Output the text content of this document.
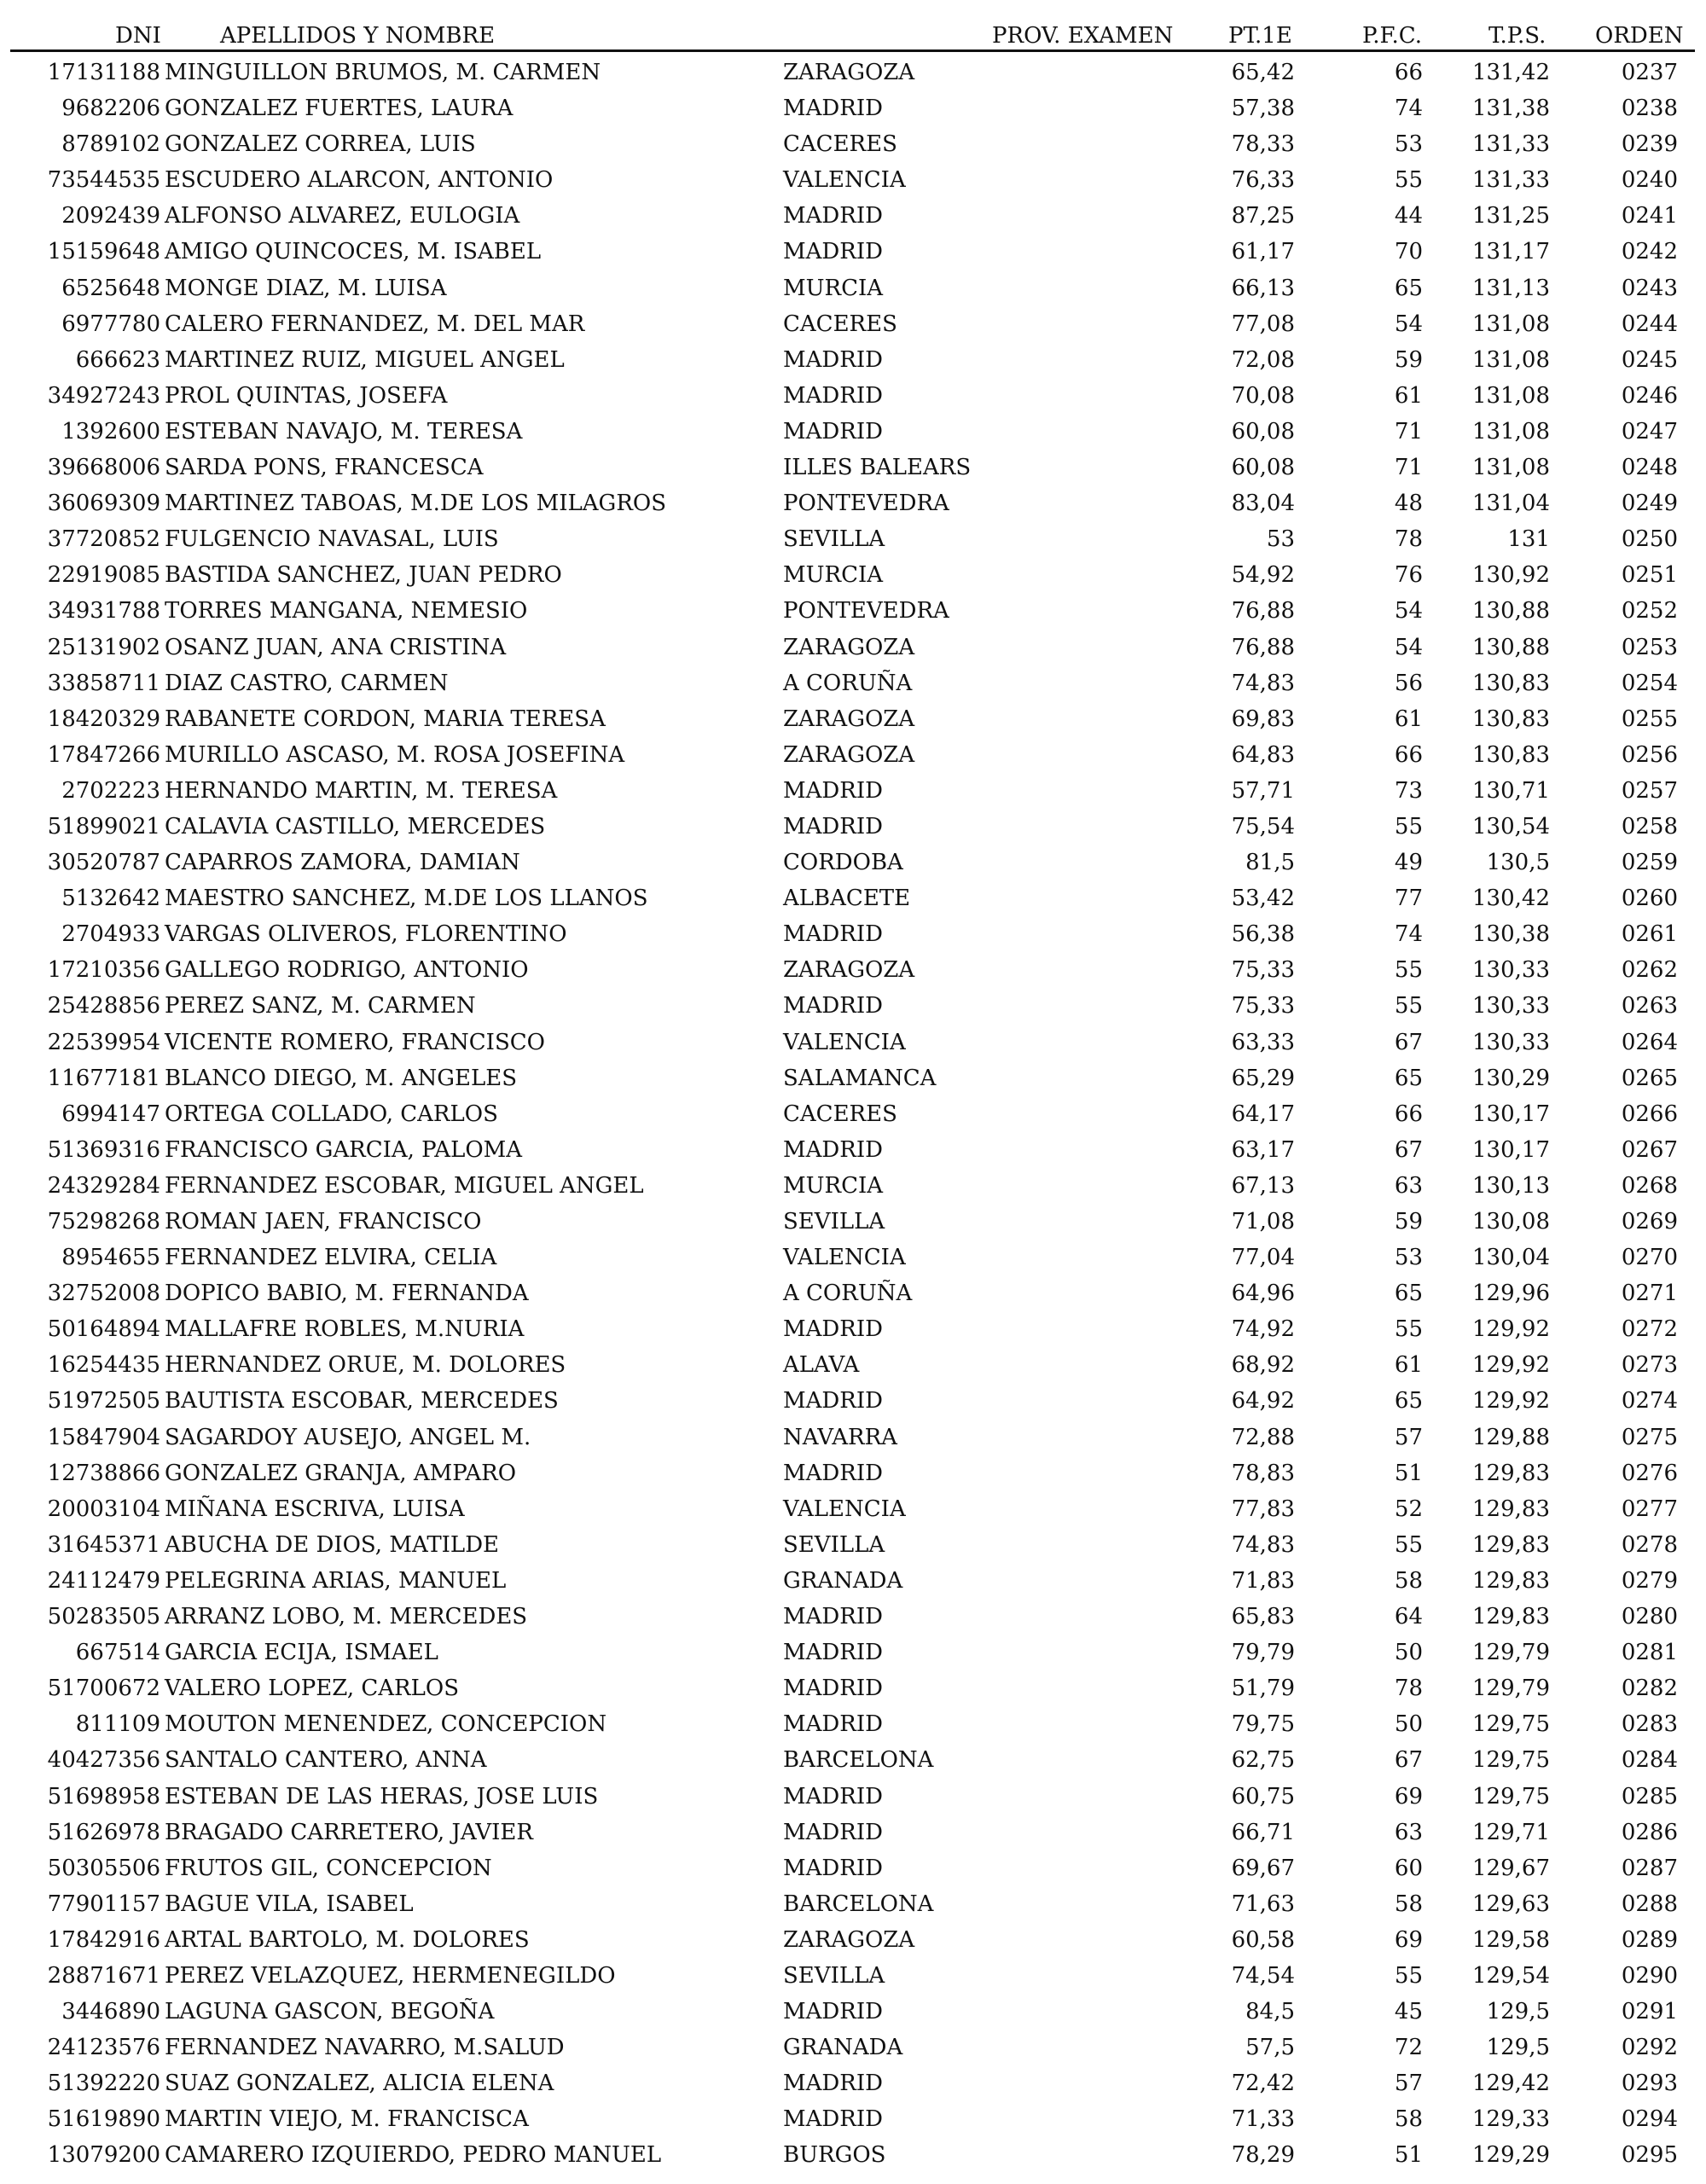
DNI	APELLIDOS Y NOMBRE	PROV. EXAMEN PT.1E	P.F.C.	T.P.S. ORDEN
17131188 MINGUILLON BRUMOS, M. CARMEN	ZARAGOZA	65,42	66 131,42	0237
9682206 GONZALEZ FUERTES, LAURA	MADRID	57,38	74 131,38	0238
8789102 GONZALEZ CORREA, LUIS	CACERES	78,33	53 131,33	0239
73544535 ESCUDERO ALARCON, ANTONIO	VALENCIA	76,33	55 131,33	0240
2092439 ALFONSO ALVAREZ, EULOGIA	MADRID	87,25	44 131,25	0241
15159648 AMIGO QUINCOCES, M. ISABEL	MADRID	61,17	70 131,17	0242
6525648 MONGE DIAZ, M. LUISA	MURCIA	66,13	65 131,13	0243
6977780 CALERO FERNANDEZ, M. DEL MAR	CACERES	77,08	54 131,08	0244
666623 MARTINEZ RUIZ, MIGUEL ANGEL	MADRID	72,08	59 131,08	0245
34927243 PROL QUINTAS, JOSEFA	MADRID	70,08	61 131,08	0246
1392600 ESTEBAN NAVAJO, M. TERESA	MADRID	60,08	71 131,08	0247
39668006 SARDA PONS, FRANCESCA	ILLES BALEARS	60,08	71 131,08	0248
36069309 MARTINEZ TABOAS, M.DE LOS MILAGROS	PONTEVEDRA	83,04	48 131,04	0249
37720852 FULGENCIO NAVASAL, LUIS	SEVILLA	53	78	131	0250
22919085 BASTIDA SANCHEZ, JUAN PEDRO	MURCIA	54,92	76 130,92	0251
34931788 TORRES MANGANA, NEMESIO	PONTEVEDRA	76,88	54 130,88	0252
25131902 OSANZ JUAN, ANA CRISTINA	ZARAGOZA	76,88	54 130,88	0253
33858711 DIAZ CASTRO, CARMEN	A CORUÑA	74,83	56 130,83	0254
18420329 RABANETE CORDON, MARIA TERESA	ZARAGOZA	69,83	61 130,83	0255
17847266 MURILLO ASCASO, M. ROSA JOSEFINA	ZARAGOZA	64,83	66 130,83	0256
2702223 HERNANDO MARTIN, M. TERESA	MADRID	57,71	73 130,71	0257
51899021 CALAVIA CASTILLO, MERCEDES	MADRID	75,54	55 130,54	0258
30520787 CAPARROS ZAMORA, DAMIAN	CORDOBA	81,5	49	130,5	0259
5132642 MAESTRO SANCHEZ, M.DE LOS LLANOS	ALBACETE	53,42	77 130,42	0260
2704933 VARGAS OLIVEROS, FLORENTINO	MADRID	56,38	74 130,38	0261
17210356 GALLEGO RODRIGO, ANTONIO	ZARAGOZA	75,33	55 130,33	0262
25428856 PEREZ SANZ, M. CARMEN	MADRID	75,33	55 130,33	0263
22539954 VICENTE ROMERO, FRANCISCO	VALENCIA	63,33	67 130,33	0264
11677181 BLANCO DIEGO, M. ANGELES	SALAMANCA	65,29	65 130,29	0265
6994147 ORTEGA COLLADO, CARLOS	CACERES	64,17	66 130,17	0266
51369316 FRANCISCO GARCIA, PALOMA	MADRID	63,17	67 130,17	0267
24329284 FERNANDEZ ESCOBAR, MIGUEL ANGEL	MURCIA	67,13	63 130,13	0268
75298268 ROMAN JAEN, FRANCISCO	SEVILLA	71,08	59 130,08	0269
8954655 FERNANDEZ ELVIRA, CELIA	VALENCIA	77,04	53 130,04	0270
32752008 DOPICO BABIO, M. FERNANDA	A CORUÑA	64,96	65 129,96	0271
50164894 MALLAFRE ROBLES, M.NURIA	MADRID	74,92	55 129,92	0272
16254435 HERNANDEZ ORUE, M. DOLORES	ALAVA	68,92	61 129,92	0273
51972505 BAUTISTA ESCOBAR, MERCEDES	MADRID	64,92	65 129,92	0274
15847904 SAGARDOY AUSEJO, ANGEL M.	NAVARRA	72,88	57 129,88	0275
12738866 GONZALEZ GRANJA, AMPARO	MADRID	78,83	51 129,83	0276
20003104 MIÑANA ESCRIVA, LUISA	VALENCIA	77,83	52 129,83	0277
31645371 ABUCHA DE DIOS, MATILDE	SEVILLA	74,83	55 129,83	0278
24112479 PELEGRINA ARIAS, MANUEL	GRANADA	71,83	58 129,83	0279
50283505 ARRANZ LOBO, M. MERCEDES	MADRID	65,83	64 129,83	0280
667514 GARCIA ECIJA, ISMAEL	MADRID	79,79	50 129,79	0281
51700672 VALERO LOPEZ, CARLOS	MADRID	51,79	78 129,79	0282
811109 MOUTON MENENDEZ, CONCEPCION	MADRID	79,75	50 129,75	0283
40427356 SANTALO CANTERO, ANNA	BARCELONA	62,75	67 129,75	0284
51698958 ESTEBAN DE LAS HERAS, JOSE LUIS	MADRID	60,75	69 129,75	0285
51626978 BRAGADO CARRETERO, JAVIER	MADRID	66,71	63 129,71	0286
50305506 FRUTOS GIL, CONCEPCION	MADRID	69,67	60 129,67	0287
77901157 BAGUE VILA, ISABEL	BARCELONA	71,63	58 129,63	0288
17842916 ARTAL BARTOLO, M. DOLORES	ZARAGOZA	60,58	69 129,58	0289
28871671 PEREZ VELAZQUEZ, HERMENEGILDO	SEVILLA	74,54	55 129,54	0290
3446890 LAGUNA GASCON, BEGOÑA	MADRID	84,5	45	129,5	0291
24123576 FERNANDEZ NAVARRO, M.SALUD	GRANADA	57,5	72	129,5	0292
51392220 SUAZ GONZALEZ, ALICIA ELENA	MADRID	72,42	57 129,42	0293
51619890 MARTIN VIEJO, M. FRANCISCA	MADRID	71,33	58 129,33	0294
13079200 CAMARERO IZQUIERDO, PEDRO MANUEL	BURGOS	78,29	51 129,29	0295
